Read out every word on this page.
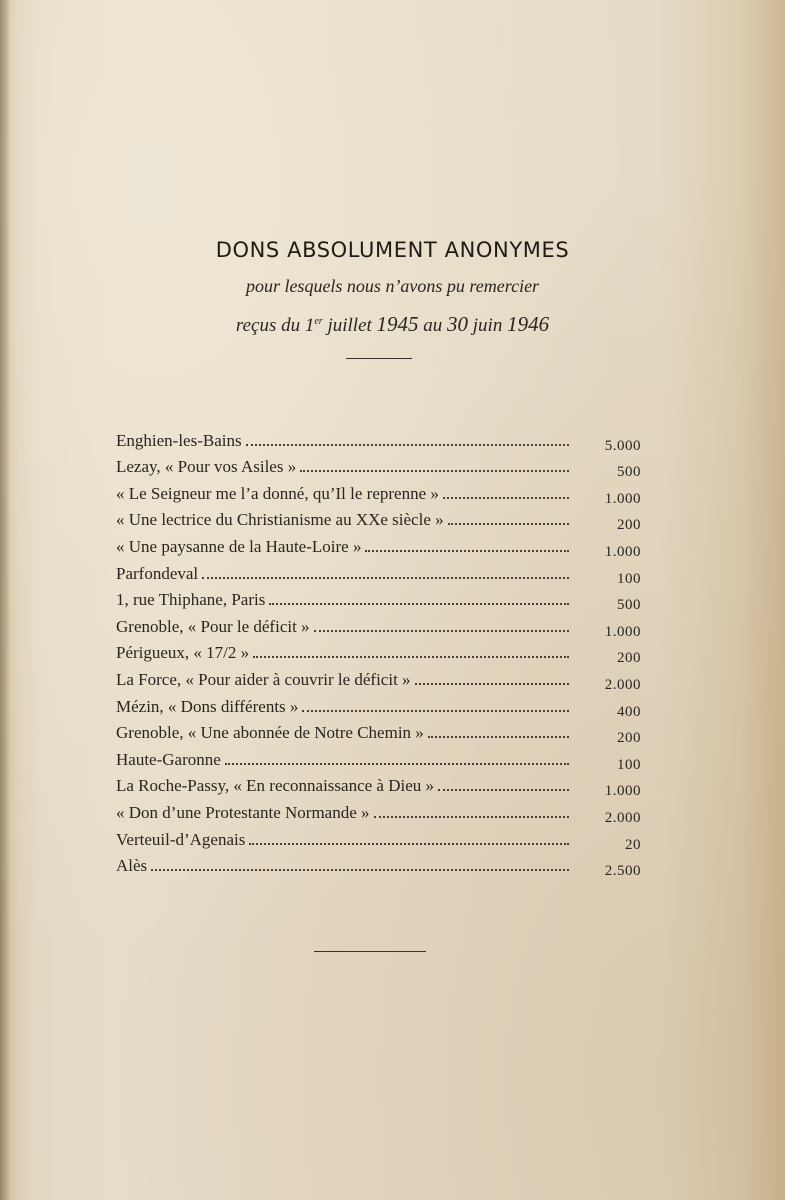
DONS ABSOLUMENT ANONYMES
pour lesquels nous n’avons pu remercier
reçus du 1er juillet 1945 au 30 juin 1946
Enghien-les-Bains	5.000
Lezay, « Pour vos Asiles »	500
« Le Seigneur me l’a donné, qu’Il le reprenne »	1.000
« Une lectrice du Christianisme au XXe siècle »	200
« Une paysanne de la Haute-Loire »	1.000
Parfondeval	100
1, rue Thiphane, Paris	500
Grenoble, « Pour le déficit »	1.000
Périgueux, « 17/2 »	200
La Force, « Pour aider à couvrir le déficit »	2.000
Mézin, « Dons différents »	400
Grenoble, « Une abonnée de Notre Chemin »	200
Haute-Garonne	100
La Roche-Passy, « En reconnaissance à Dieu »	1.000
« Don d’une Protestante Normande »	2.000
Verteuil-d’Agenais	20
Alès	2.500
